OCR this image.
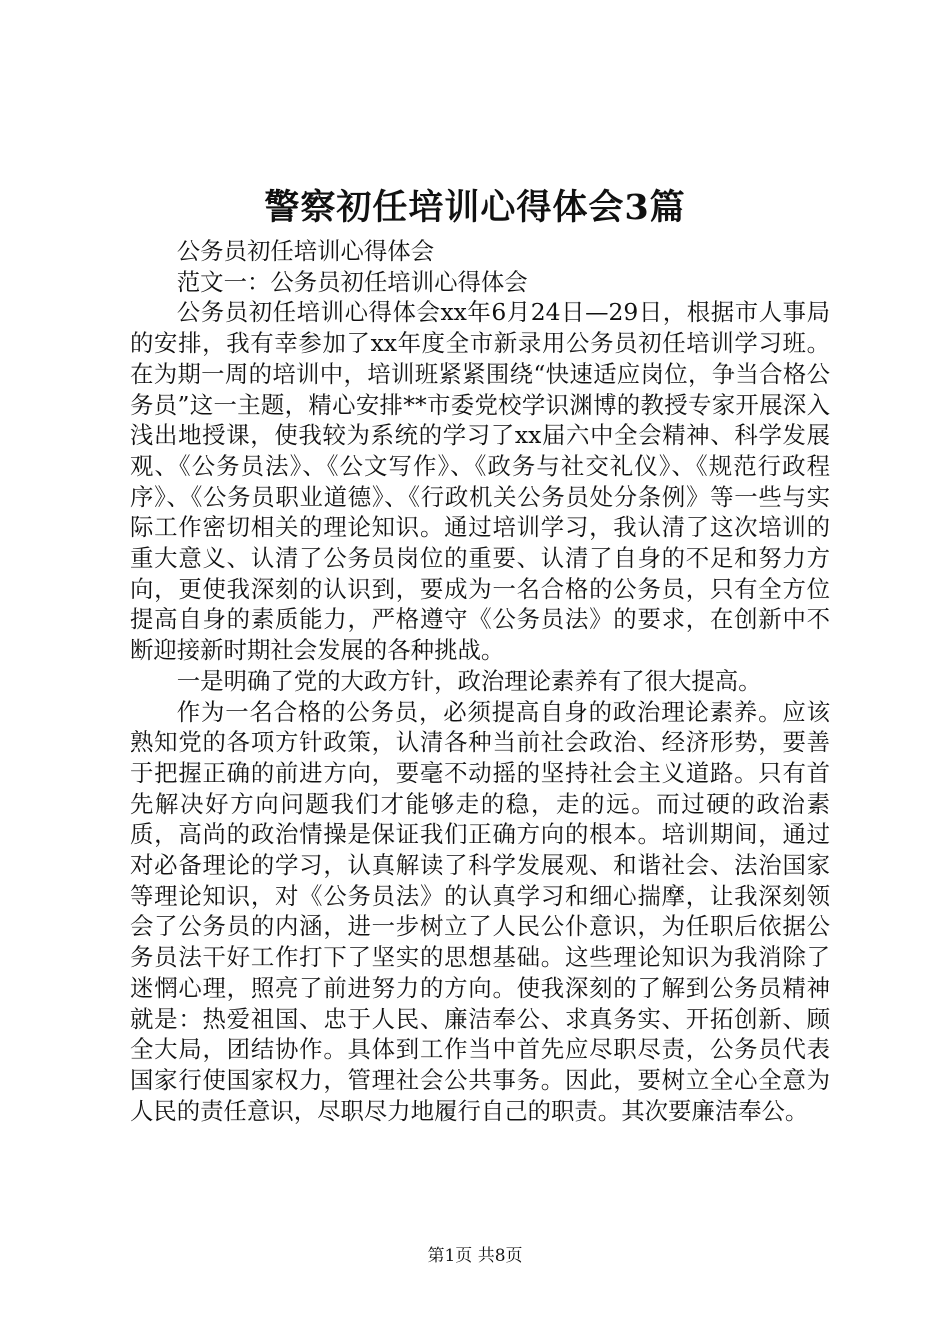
警察初任培训心得体会3篇

公务员初任培训心得体会

范文一：公务员初任培训心得体会

公务员初任培训心得体会xx年6月24日—29日，根据市人事局的安排，我有幸参加了xx年度全市新录用公务员初任培训学习班。在为期一周的培训中，培训班紧紧围绕“快速适应岗位，争当合格公务员”这一主题，精心安排**市委党校学识渊博的教授专家开展深入浅出地授课，使我较为系统的学习了xx届六中全会精神、科学发展观、《公务员法》、《公文写作》、《政务与社交礼仪》、《规范行政程序》、《公务员职业道德》、《行政机关公务员处分条例》等一些与实际工作密切相关的理论知识。通过培训学习，我认清了这次培训的重大意义、认清了公务员岗位的重要、认清了自身的不足和努力方向，更使我深刻的认识到，要成为一名合格的公务员，只有全方位提高自身的素质能力，严格遵守《公务员法》的要求，在创新中不断迎接新时期社会发展的各种挑战。

一是明确了党的大政方针，政治理论素养有了很大提高。

作为一名合格的公务员，必须提高自身的政治理论素养。应该熟知党的各项方针政策，认清各种当前社会政治、经济形势，要善于把握正确的前进方向，要毫不动摇的坚持社会主义道路。只有首先解决好方向问题我们才能够走的稳，走的远。而过硬的政治素质，高尚的政治情操是保证我们正确方向的根本。培训期间，通过对必备理论的学习，认真解读了科学发展观、和谐社会、法治国家等理论知识，对《公务员法》的认真学习和细心揣摩，让我深刻领会了公务员的内涵，进一步树立了人民公仆意识，为任职后依据公务员法干好工作打下了坚实的思想基础。这些理论知识为我消除了迷惘心理，照亮了前进努力的方向。使我深刻的了解到公务员精神就是：热爱祖国、忠于人民、廉洁奉公、求真务实、开拓创新、顾全大局，团结协作。具体到工作当中首先应尽职尽责，公务员代表国家行使国家权力，管理社会公共事务。因此，要树立全心全意为人民的责任意识，尽职尽力地履行自己的职责。其次要廉洁奉公。

第1页 共8页
